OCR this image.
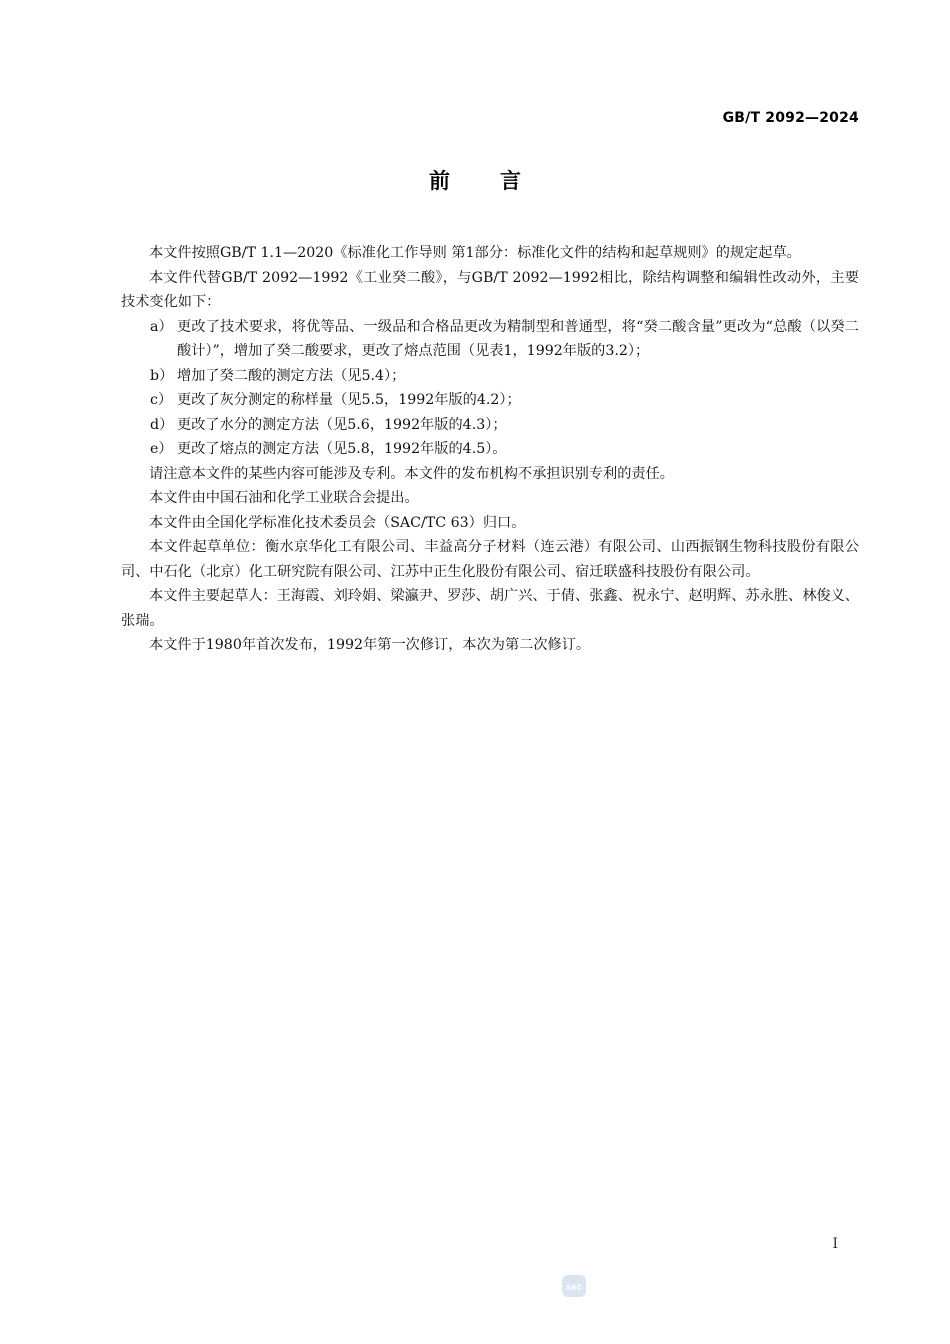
GB/T 2092—2024
前言

本文件按照GB/T 1.1—2020《标准化工作导则 第1部分：标准化文件的结构和起草规则》的规定起草。

本文件代替GB/T 2092—1992《工业癸二酸》，与GB/T 2092—1992相比，除结构调整和编辑性改动外，主要技术变化如下：

a） 更改了技术要求，将优等品、一级品和合格品更改为精制型和普通型，将“癸二酸含量”更改为“总酸（以癸二酸计）”，增加了癸二酸要求，更改了熔点范围（见表1，1992年版的3.2）；
b） 增加了癸二酸的测定方法（见5.4）；
c） 更改了灰分测定的称样量（见5.5，1992年版的4.2）；
d） 更改了水分的测定方法（见5.6，1992年版的4.3）；
e） 更改了熔点的测定方法（见5.8，1992年版的4.5）。

请注意本文件的某些内容可能涉及专利。本文件的发布机构不承担识别专利的责任。

本文件由中国石油和化学工业联合会提出。

本文件由全国化学标准化技术委员会（SAC/TC 63）归口。

本文件起草单位：衡水京华化工有限公司、丰益高分子材料（连云港）有限公司、山西振钢生物科技股份有限公司、中石化（北京）化工研究院有限公司、江苏中正生化股份有限公司、宿迁联盛科技股份有限公司。

本文件主要起草人：王海霞、刘玲娟、梁瀛尹、罗莎、胡广兴、于倩、张鑫、祝永宁、赵明辉、苏永胜、林俊义、张瑞。

本文件于1980年首次发布，1992年第一次修订，本次为第二次修订。

I
SAC
